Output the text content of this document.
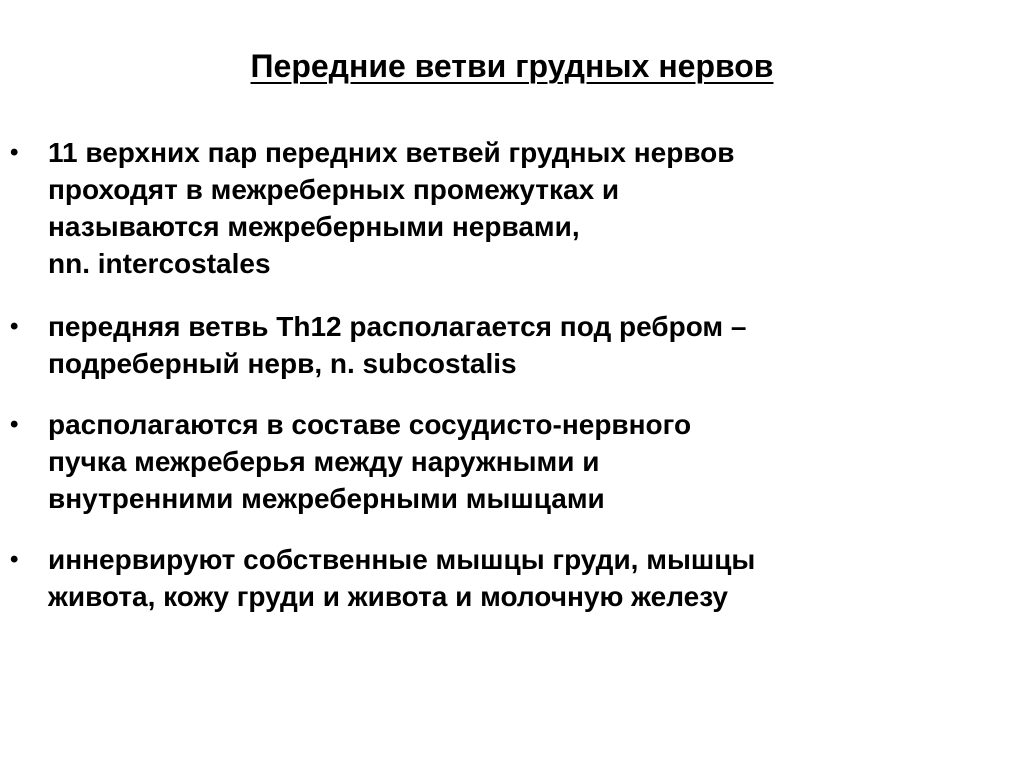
Передние ветви грудных нервов
•	11 верхних пар передних ветвей грудных нервов
проходят в межреберных промежутках и
называются межреберными нервами,
nn. intercostales
•	передняя ветвь Th12 располагается под ребром –
подреберный нерв, n. subcostalis
•	располагаются в составе сосудисто-нервного
пучка межреберья между наружными и
внутренними межреберными мышцами
•	иннервируют собственные мышцы груди, мышцы
живота, кожу груди и живота и молочную железу
